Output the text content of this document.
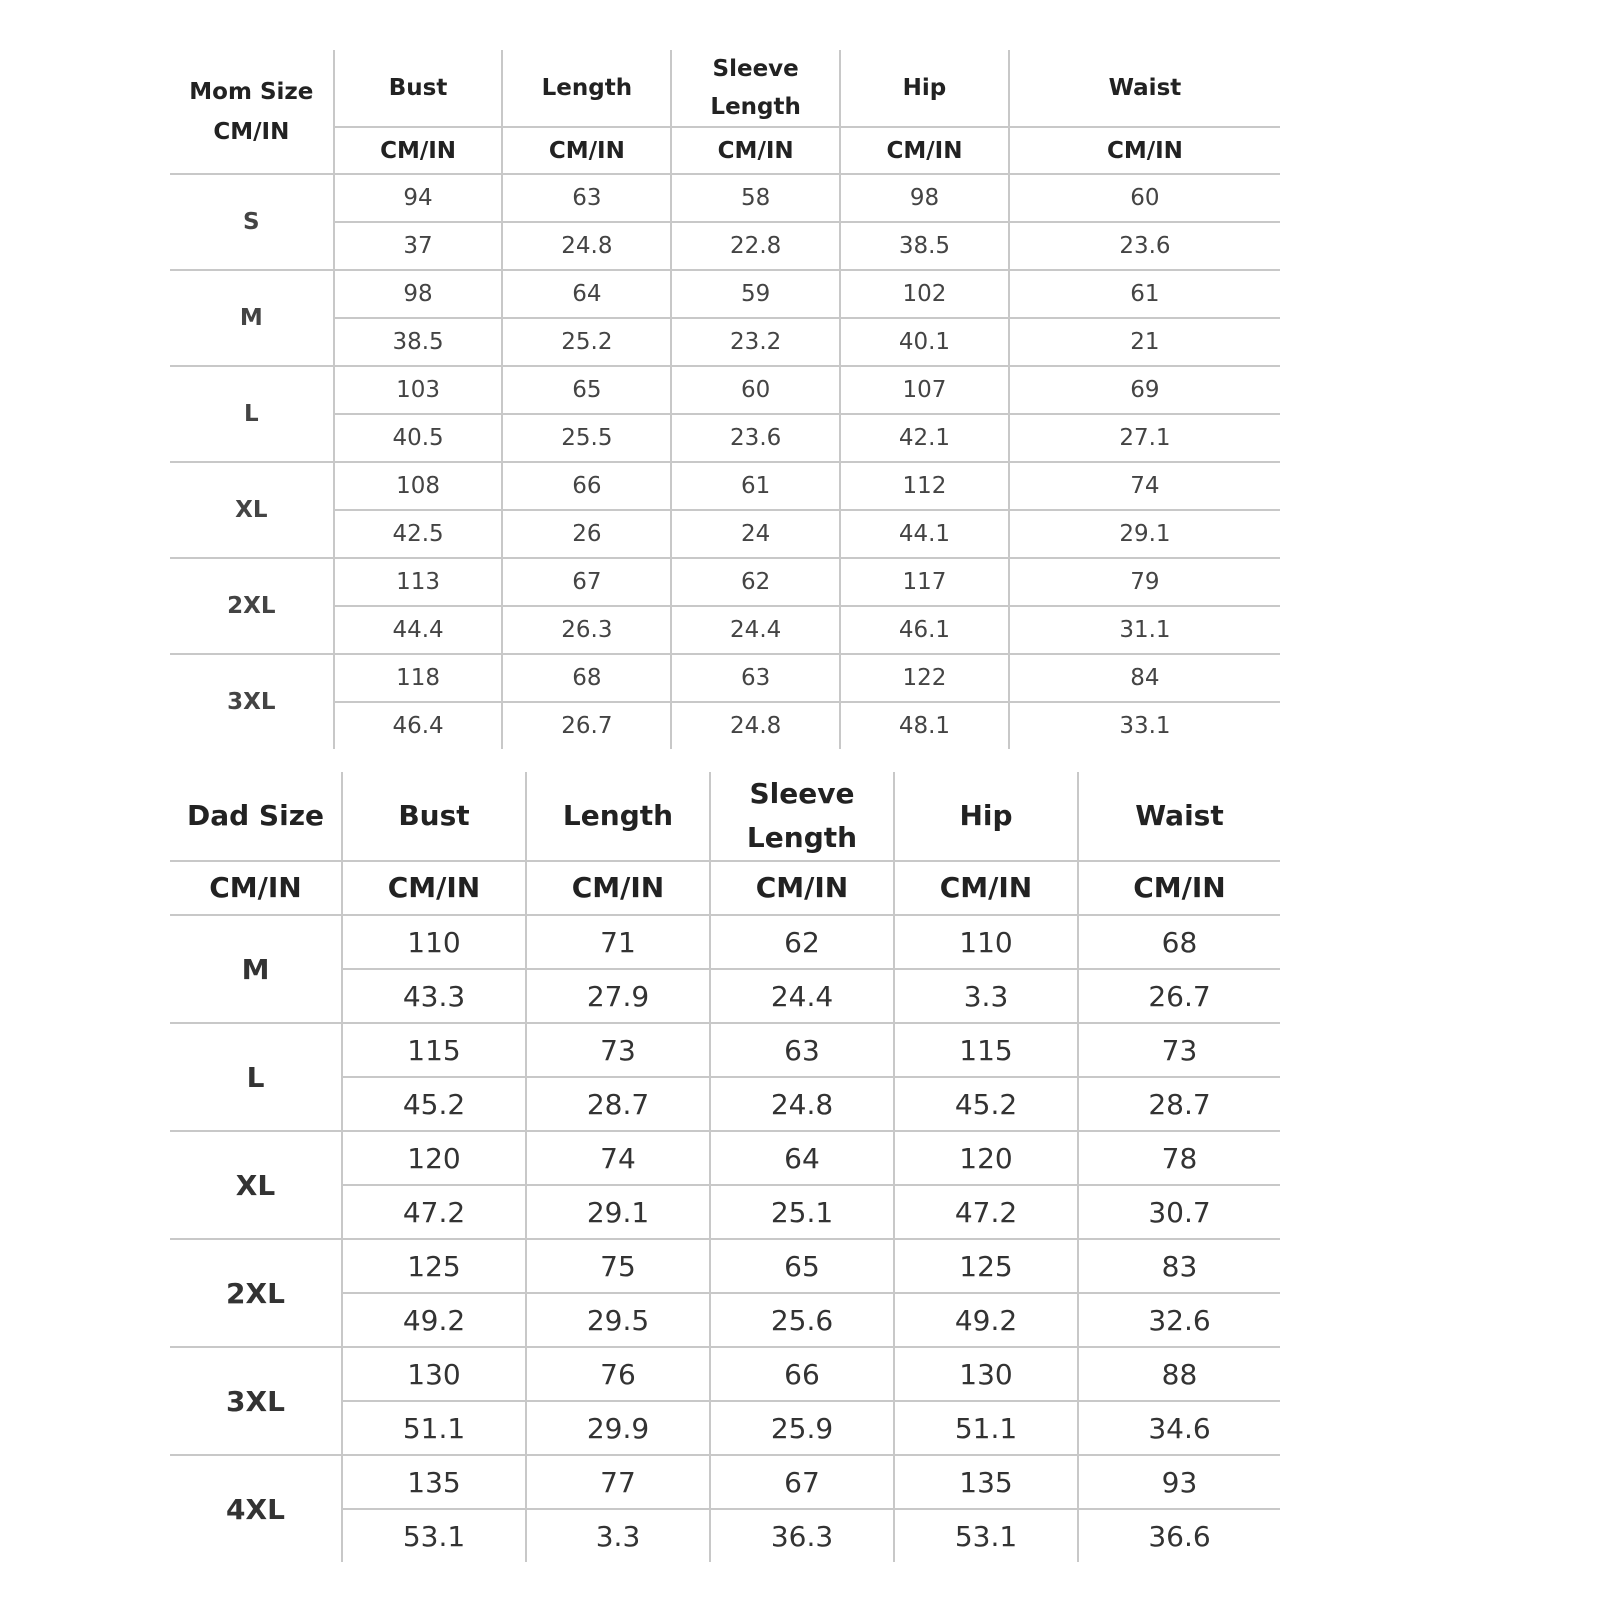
Mom Size
CM/IN	Bust	Length	Sleeve Length	Hip	Waist
	CM/IN	CM/IN	CM/IN	CM/IN	CM/IN
S	94	63	58	98	60
	37	24.8	22.8	38.5	23.6
M	98	64	59	102	61
	38.5	25.2	23.2	40.1	21
L	103	65	60	107	69
	40.5	25.5	23.6	42.1	27.1
XL	108	66	61	112	74
	42.5	26	24	44.1	29.1
2XL	113	67	62	117	79
	44.4	26.3	24.4	46.1	31.1
3XL	118	68	63	122	84
	46.4	26.7	24.8	48.1	33.1
Dad Size	Bust	Length	Sleeve Length	Hip	Waist
CM/IN	CM/IN	CM/IN	CM/IN	CM/IN	CM/IN
M	110	71	62	110	68
	43.3	27.9	24.4	3.3	26.7
L	115	73	63	115	73
	45.2	28.7	24.8	45.2	28.7
XL	120	74	64	120	78
	47.2	29.1	25.1	47.2	30.7
2XL	125	75	65	125	83
	49.2	29.5	25.6	49.2	32.6
3XL	130	76	66	130	88
	51.1	29.9	25.9	51.1	34.6
4XL	135	77	67	135	93
	53.1	3.3	36.3	53.1	36.6
